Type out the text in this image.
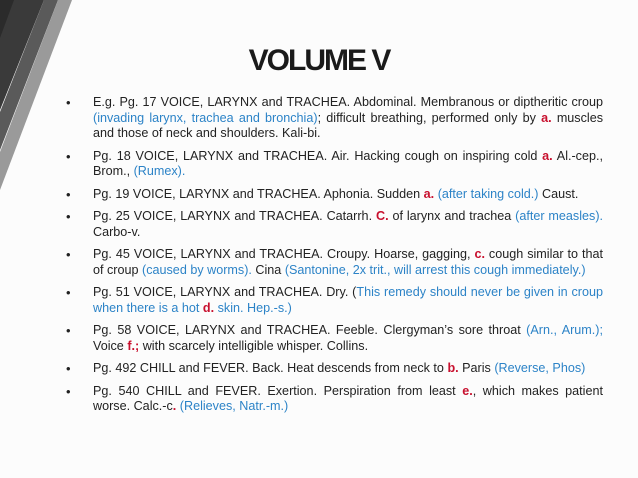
VOLUME V
• E.g. Pg. 17 VOICE, LARYNX and TRACHEA. Abdominal. Membranous or diptheritic croup (invading larynx, trachea and bronchia); difficult breathing, performed only by a. muscles and those of neck and shoulders. Kali-bi.
• Pg. 18 VOICE, LARYNX and TRACHEA. Air. Hacking cough on inspiring cold a. Al.-cep., Brom., (Rumex).
• Pg. 19 VOICE, LARYNX and TRACHEA. Aphonia. Sudden a. (after taking cold.) Caust.
• Pg. 25 VOICE, LARYNX and TRACHEA. Catarrh. C. of larynx and trachea (after measles). Carbo-v.
• Pg. 45 VOICE, LARYNX and TRACHEA. Croupy. Hoarse, gagging, c. cough similar to that of croup (caused by worms). Cina (Santonine, 2x trit., will arrest this cough immediately.)
• Pg. 51 VOICE, LARYNX and TRACHEA. Dry. (This remedy should never be given in croup when there is a hot d. skin. Hep.-s.)
• Pg. 58 VOICE, LARYNX and TRACHEA. Feeble. Clergyman’s sore throat (Arn., Arum.); Voice f.; with scarcely intelligible whisper. Collins.
• Pg. 492 CHILL and FEVER. Back. Heat descends from neck to b. Paris (Reverse, Phos)
• Pg. 540 CHILL and FEVER. Exertion. Perspiration from least e., which makes patient worse. Calc.-c. (Relieves, Natr.-m.)
